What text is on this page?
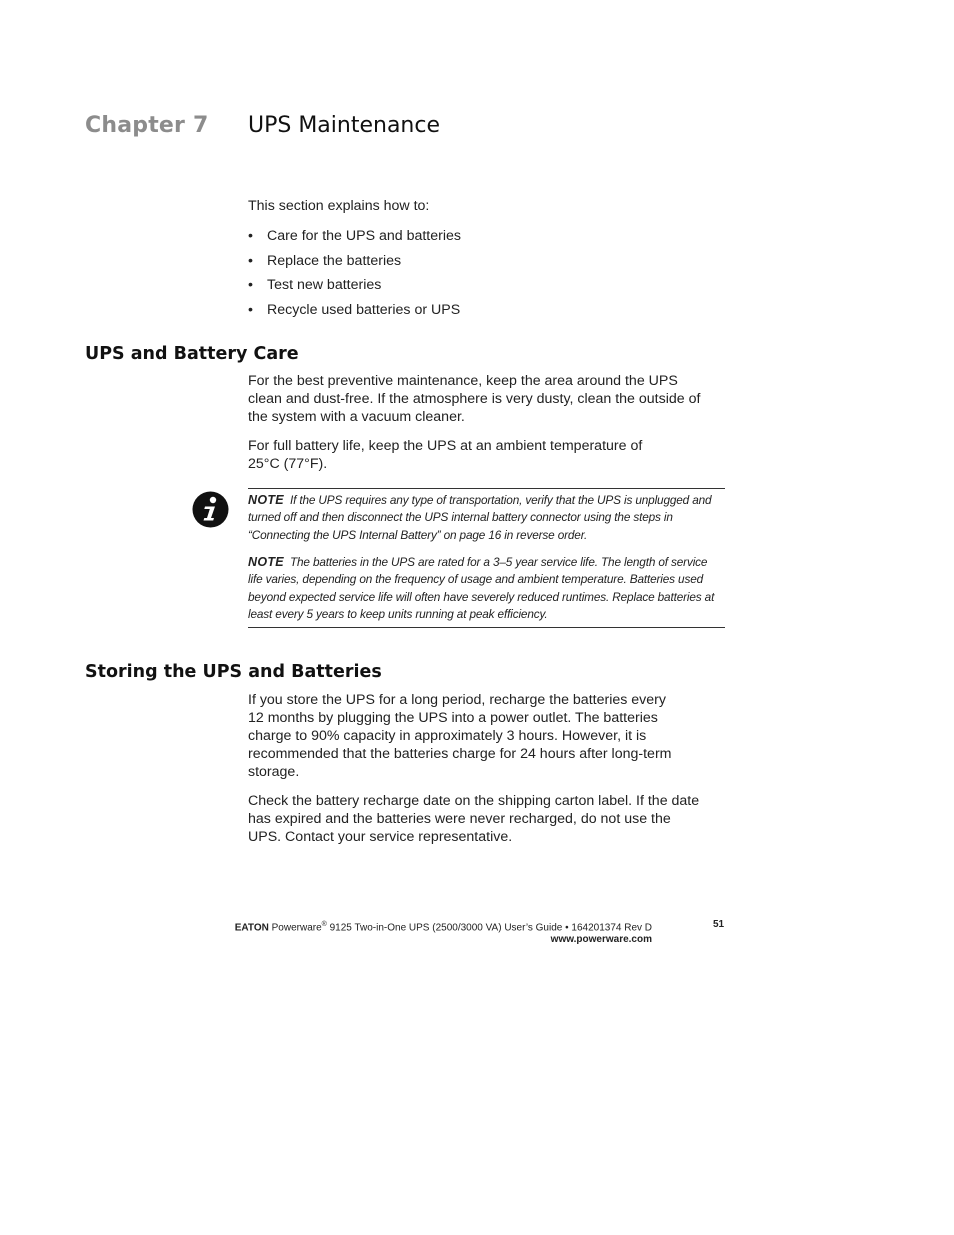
Chapter 7 UPS Maintenance

This section explains how to:

• Care for the UPS and batteries
• Replace the batteries
• Test new batteries
• Recycle used batteries or UPS
UPS and Battery Care

For the best preventive maintenance, keep the area around the UPS

clean and dust-free. If the atmosphere is very dusty, clean the outside of

the system with a vacuum cleaner.

For full battery life, keep the UPS at an ambient temperature of

25°C (77°F).

NOTE If the UPS requires any type of transportation, verify that the UPS is unplugged and
turned off and then disconnect the UPS internal battery connector using the steps in
“Connecting the UPS Internal Battery” on page 16 in reverse order.
NOTE The batteries in the UPS are rated for a 3–5 year service life. The length of service
life varies, depending on the frequency of usage and ambient temperature. Batteries used
beyond expected service life will often have severely reduced runtimes. Replace batteries at
least every 5 years to keep units running at peak efficiency.
Storing the UPS and Batteries

If you store the UPS for a long period, recharge the batteries every

12 months by plugging the UPS into a power outlet. The batteries

charge to 90% capacity in approximately 3 hours. However, it is

recommended that the batteries charge for 24 hours after long-term

storage.

Check the battery recharge date on the shipping carton label. If the date

has expired and the batteries were never recharged, do not use the

UPS. Contact your service representative.

EATON Powerware® 9125 Two-in-One UPS (2500/3000 VA) User’s Guide • 164201374 Rev D
www.powerware.com
51
